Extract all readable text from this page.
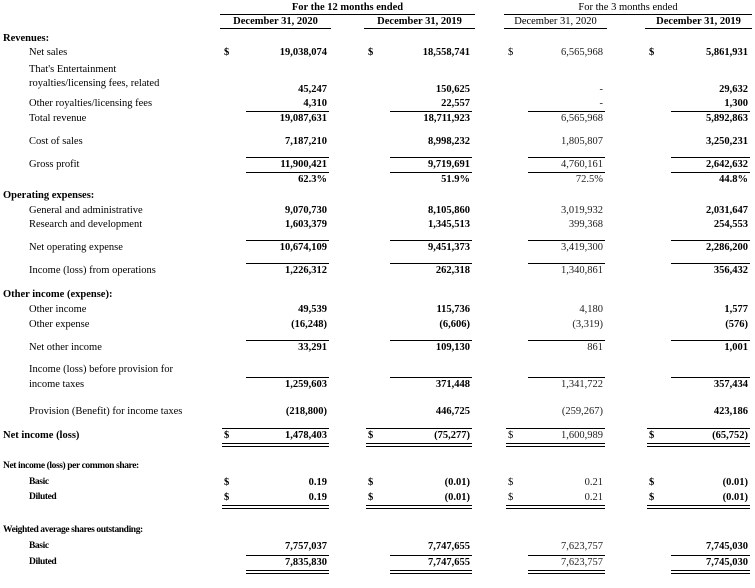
For the 12 months ended	For the 3 months ended
December 31, 2020	December 31, 2019	December 31, 2020	December 31, 2019
Revenues:
Net sales	$	19,038,074	$	18,558,741	$	6,565,968	$	5,861,931
That's Entertainment
royalties/licensing fees, related
45,247	150,625	-	29,632
Other royalties/licensing fees	4,310	22,557	-	1,300
Total revenue	19,087,631	18,711,923	6,565,968	5,892,863
Cost of sales	7,187,210	8,998,232	1,805,807	3,250,231
Gross profit	11,900,421	9,719,691	4,760,161	2,642,632
62.3%	51.9%	72.5%	44.8%
Operating expenses:
General and administrative	9,070,730	8,105,860	3,019,932	2,031,647
Research and development	1,603,379	1,345,513	399,368	254,553
Net operating expense	10,674,109	9,451,373	3,419,300	2,286,200
Income (loss) from operations	1,226,312	262,318	1,340,861	356,432
Other income (expense):
Other income	49,539	115,736	4,180	1,577
Other expense	(16,248)	(6,606)	(3,319)	(576)
Net other income	33,291	109,130	861	1,001
Income (loss) before provision for
income taxes	1,259,603	371,448	1,341,722	357,434
Provision (Benefit) for income taxes	(218,800)	446,725	(259,267)	423,186
Net income (loss)	$	1,478,403	$	(75,277)	$	1,600,989	$	(65,752)
Net income (loss) per common share:
Basic	$	0.19	$	(0.01)	$	0.21	$	(0.01)
Diluted	$	0.19	$	(0.01)	$	0.21	$	(0.01)
Weighted average shares outstanding:
Basic	7,757,037	7,747,655	7,623,757	7,745,030
Diluted	7,835,830	7,747,655	7,623,757	7,745,030
